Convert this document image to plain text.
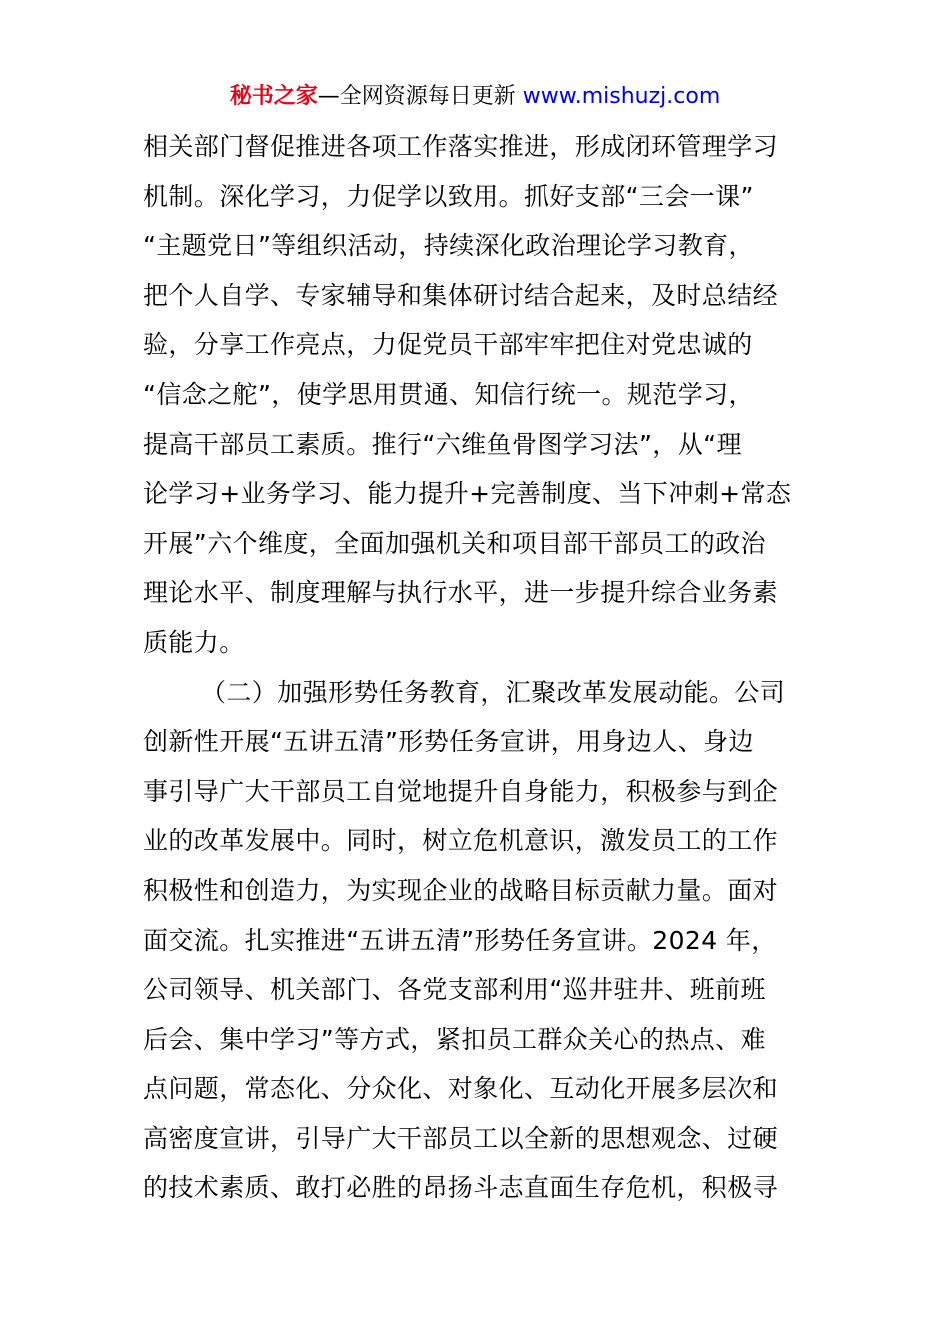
秘书之家—全网资源每日更新 www.mishuzj.com
相关部门督促推进各项工作落实推进，形成闭环管理学习
机制。深化学习，力促学以致用。抓好支部“三会一课”
“主题党日”等组织活动，持续深化政治理论学习教育，
把个人自学、专家辅导和集体研讨结合起来，及时总结经
验，分享工作亮点，力促党员干部牢牢把住对党忠诚的
“信念之舵”，使学思用贯通、知信行统一。规范学习，
提高干部员工素质。推行“六维鱼骨图学习法”，从“理
论学习+业务学习、能力提升+完善制度、当下冲刺+常态
开展”六个维度，全面加强机关和项目部干部员工的政治
理论水平、制度理解与执行水平，进一步提升综合业务素
质能力。
（二）加强形势任务教育，汇聚改革发展动能。公司
创新性开展“五讲五清”形势任务宣讲，用身边人、身边
事引导广大干部员工自觉地提升自身能力，积极参与到企
业的改革发展中。同时，树立危机意识，激发员工的工作
积极性和创造力，为实现企业的战略目标贡献力量。面对
面交流。扎实推进“五讲五清”形势任务宣讲。2024 年，
公司领导、机关部门、各党支部利用“巡井驻井、班前班
后会、集中学习”等方式，紧扣员工群众关心的热点、难
点问题，常态化、分众化、对象化、互动化开展多层次和
高密度宣讲，引导广大干部员工以全新的思想观念、过硬
的技术素质、敢打必胜的昂扬斗志直面生存危机，积极寻
